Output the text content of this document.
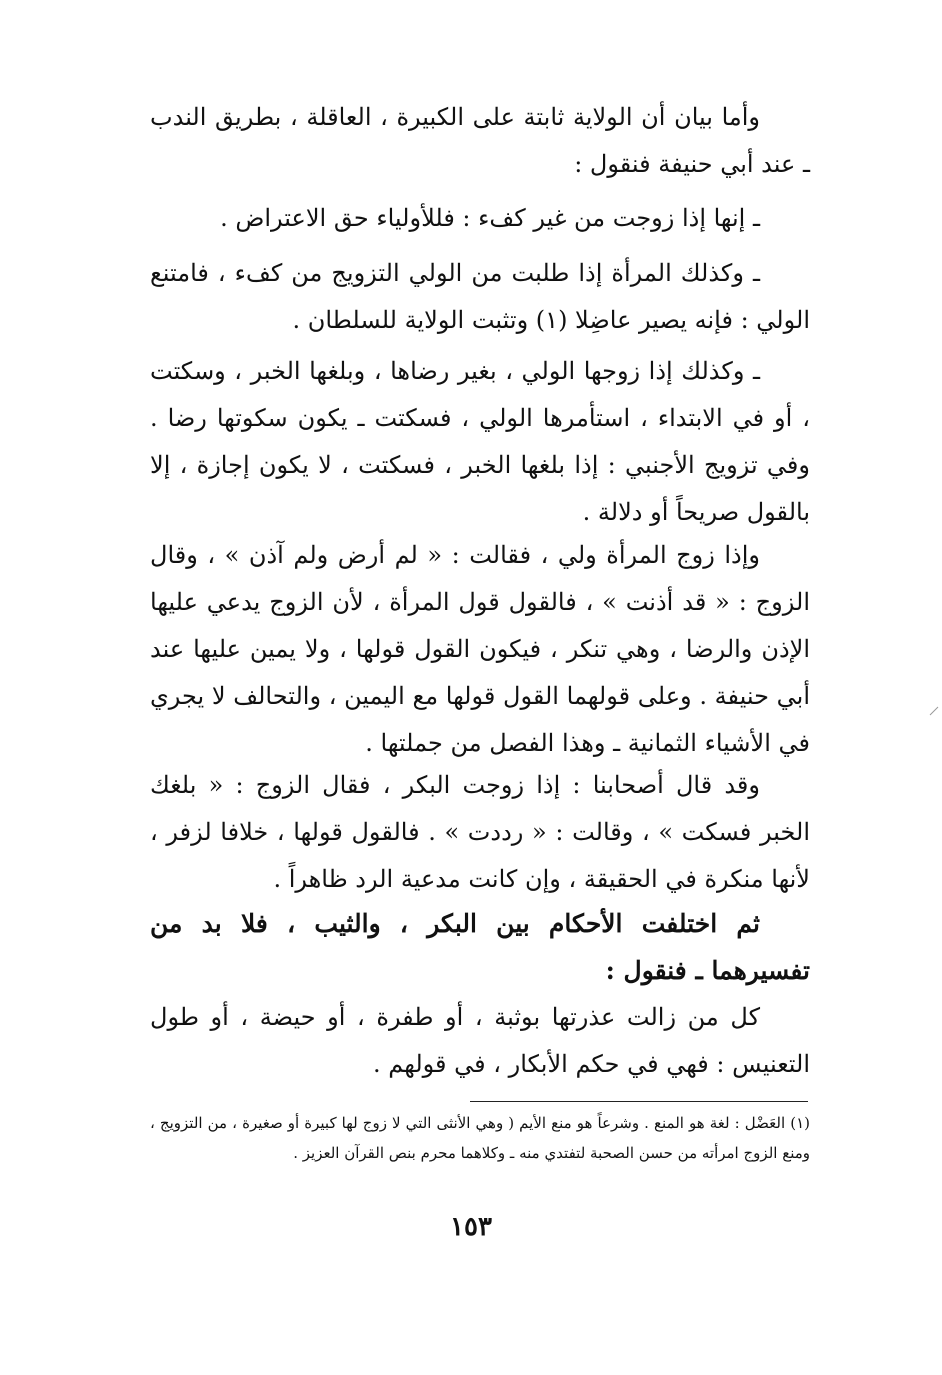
وأما بيان أن الولاية ثابتة على الكبيرة ، العاقلة ، بطريق الندب ـ عند أبي حنيفة فنقول :

ـ إنها إذا زوجت من غير كفء : فللأولياء حق الاعتراض .

ـ وكذلك المرأة إذا طلبت من الولي التزويج من كفء ، فامتنع الولي : فإنه يصير عاضِلا (١) وتثبت الولاية للسلطان .

ـ وكذلك إذا زوجها الولي ، بغير رضاها ، وبلغها الخبر ، وسكتت ، أو في الابتداء ، استأمرها الولي ، فسكتت ـ يكون سكوتها رضا . وفي تزويج الأجنبي : إذا بلغها الخبر ، فسكتت ، لا يكون إجازة ، إلا بالقول صريحاً أو دلالة .

وإذا زوج المرأة ولي ، فقالت : « لم أرض ولم آذن » ، وقال الزوج : « قد أذنت » ، فالقول قول المرأة ، لأن الزوج يدعي عليها الإذن والرضا ، وهي تنكر ، فيكون القول قولها ، ولا يمين عليها عند أبي حنيفة . وعلى قولهما القول قولها مع اليمين ، والتحالف لا يجري في الأشياء الثمانية ـ وهذا الفصل من جملتها .

وقد قال أصحابنا : إذا زوجت البكر ، فقال الزوج : « بلغك الخبر فسكت » ، وقالت : « رددت » . فالقول قولها ، خلافا لزفر ، لأنها منكرة في الحقيقة ، وإن كانت مدعية الرد ظاهراً .

ثم اختلفت الأحكام بين البكر ، والثيب ، فلا بد من تفسيرهما ـ فنقول :

كل من زالت عذرتها بوثبة ، أو طفرة ، أو حيضة ، أو طول التعنيس : فهي في حكم الأبكار ، في قولهم .

(١) العَضْل : لغة هو المنع . وشرعاً هو منع الأيم ( وهي الأنثى التي لا زوج لها كبيرة أو صغيرة ، من التزويج ، ومنع الزوج امرأته من حسن الصحبة لتفتدي منه ـ وكلاهما محرم بنص القرآن العزيز .

١٥٣
